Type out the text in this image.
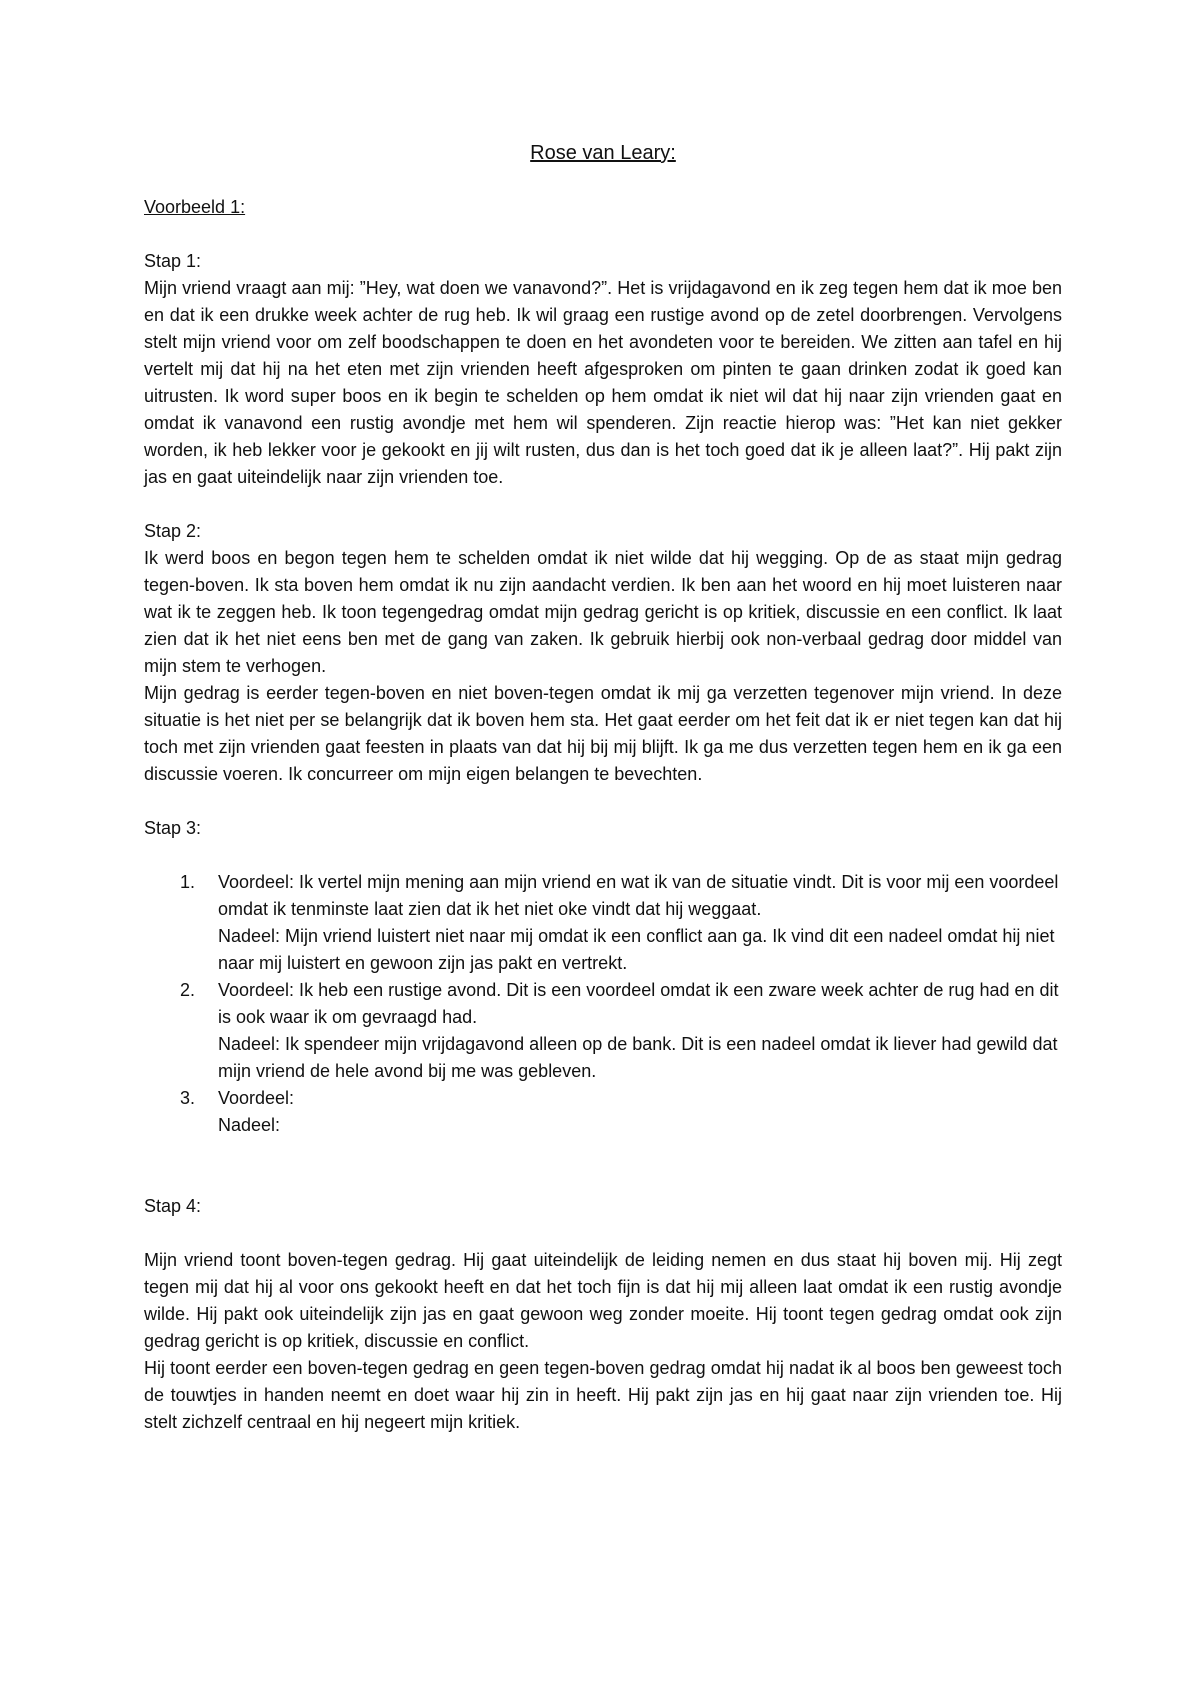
Rose van Leary:
Voorbeeld 1:
Stap 1:

Mijn vriend vraagt aan mij: ”Hey, wat doen we vanavond?”. Het is vrijdagavond en ik zeg tegen hem dat ik moe ben en dat ik een drukke week achter de rug heb. Ik wil graag een rustige avond op de zetel doorbrengen. Vervolgens stelt mijn vriend voor om zelf boodschappen te doen en het avondeten voor te bereiden. We zitten aan tafel en hij vertelt mij dat hij na het eten met zijn vrienden heeft afgesproken om pinten te gaan drinken zodat ik goed kan uitrusten. Ik word super boos en ik begin te schelden op hem omdat ik niet wil dat hij naar zijn vrienden gaat en omdat ik vanavond een rustig avondje met hem wil spenderen. Zijn reactie hierop was: ”Het kan niet gekker worden, ik heb lekker voor je gekookt en jij wilt rusten, dus dan is het toch goed dat ik je alleen laat?”. Hij pakt zijn jas en gaat uiteindelijk naar zijn vrienden toe.

Stap 2:

Ik werd boos en begon tegen hem te schelden omdat ik niet wilde dat hij wegging. Op de as staat mijn gedrag tegen-boven. Ik sta boven hem omdat ik nu zijn aandacht verdien. Ik ben aan het woord en hij moet luisteren naar wat ik te zeggen heb. Ik toon tegengedrag omdat mijn gedrag gericht is op kritiek, discussie en een conflict. Ik laat zien dat ik het niet eens ben met de gang van zaken. Ik gebruik hierbij ook non-verbaal gedrag door middel van mijn stem te verhogen.

Mijn gedrag is eerder tegen-boven en niet boven-tegen omdat ik mij ga verzetten tegenover mijn vriend. In deze situatie is het niet per se belangrijk dat ik boven hem sta. Het gaat eerder om het feit dat ik er niet tegen kan dat hij toch met zijn vrienden gaat feesten in plaats van dat hij bij mij blijft. Ik ga me dus verzetten tegen hem en ik ga een discussie voeren. Ik concurreer om mijn eigen belangen te bevechten.

Stap 3:
1. Voordeel: Ik vertel mijn mening aan mijn vriend en wat ik van de situatie vindt. Dit is voor mij een voordeel omdat ik tenminste laat zien dat ik het niet oke vindt dat hij weggaat.
Nadeel: Mijn vriend luistert niet naar mij omdat ik een conflict aan ga. Ik vind dit een nadeel omdat hij niet naar mij luistert en gewoon zijn jas pakt en vertrekt.
2. Voordeel: Ik heb een rustige avond. Dit is een voordeel omdat ik een zware week achter de rug had en dit is ook waar ik om gevraagd had.
Nadeel: Ik spendeer mijn vrijdagavond alleen op de bank. Dit is een nadeel omdat ik liever had gewild dat mijn vriend de hele avond bij me was gebleven.
3. Voordeel:
Nadeel:
Stap 4:

Mijn vriend toont boven-tegen gedrag. Hij gaat uiteindelijk de leiding nemen en dus staat hij boven mij. Hij zegt tegen mij dat hij al voor ons gekookt heeft en dat het toch fijn is dat hij mij alleen laat omdat ik een rustig avondje wilde. Hij pakt ook uiteindelijk zijn jas en gaat gewoon weg zonder moeite. Hij toont tegen gedrag omdat ook zijn gedrag gericht is op kritiek, discussie en conflict.

Hij toont eerder een boven-tegen gedrag en geen tegen-boven gedrag omdat hij nadat ik al boos ben geweest toch de touwtjes in handen neemt en doet waar hij zin in heeft. Hij pakt zijn jas en hij gaat naar zijn vrienden toe. Hij stelt zichzelf centraal en hij negeert mijn kritiek.
